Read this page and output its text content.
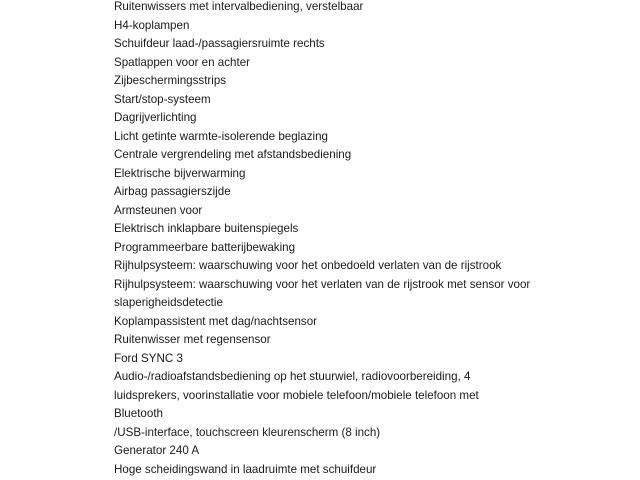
Ruitenwissers met intervalbediening, verstelbaar
H4-koplampen
Schuifdeur laad-/passagiersruimte rechts
Spatlappen voor en achter
Zijbeschermingsstrips
Start/stop-systeem
Dagrijverlichting
Licht getinte warmte-isolerende beglazing
Centrale vergrendeling met afstandsbediening
Elektrische bijverwarming
Airbag passagierszijde
Armsteunen voor
Elektrisch inklapbare buitenspiegels
Programmeerbare batterijbewaking
Rijhulpsysteem: waarschuwing voor het onbedoeld verlaten van de rijstrook
Rijhulpsysteem: waarschuwing voor het verlaten van de rijstrook met sensor voor
slaperigheidsdetectie
Koplampassistent met dag/nachtsensor
Ruitenwisser met regensensor
Ford SYNC 3
Audio-/radioafstandsbediening op het stuurwiel, radiovoorbereiding, 4
luidsprekers, voorinstallatie voor mobiele telefoon/mobiele telefoon met
Bluetooth
/USB-interface, touchscreen kleurenscherm (8 inch)
Generator 240 A
Hoge scheidingswand in laadruimte met schuifdeur
